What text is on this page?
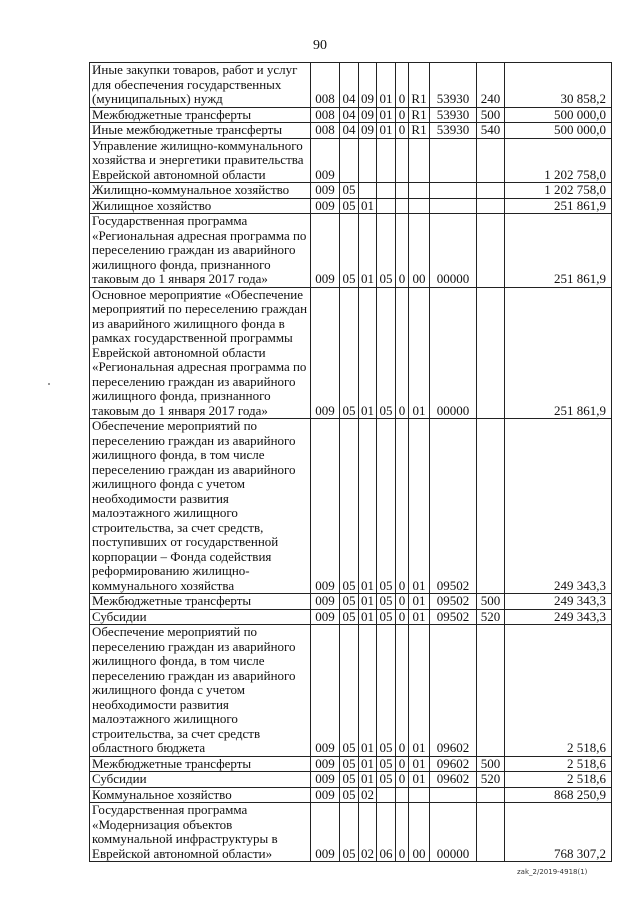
90
Иные закупки товаров, работ и услуг для обеспечения государственных (муниципальных) нужд	008	04	09	01	0	R1	53930	240	30 858,2
Межбюджетные трансферты	008	04	09	01	0	R1	53930	500	500 000,0
Иные межбюджетные трансферты	008	04	09	01	0	R1	53930	540	500 000,0
Управление жилищно-коммунального хозяйства и энергетики правительства Еврейской автономной области	009								1 202 758,0
Жилищно-коммунальное хозяйство	009	05							1 202 758,0
Жилищное хозяйство	009	05	01						251 861,9
Государственная программа «Региональная адресная программа по переселению граждан из аварийного жилищного фонда, признанного таковым до 1 января 2017 года»	009	05	01	05	0	00	00000		251 861,9
Основное мероприятие «Обеспечение мероприятий по переселению граждан из аварийного жилищного фонда в рамках государственной программы Еврейской автономной области «Региональная адресная программа по переселению граждан из аварийного жилищного фонда, признанного таковым до 1 января 2017 года»	009	05	01	05	0	01	00000		251 861,9
Обеспечение мероприятий по переселению граждан из аварийного жилищного фонда, в том числе переселению граждан из аварийного жилищного фонда с учетом необходимости развития малоэтажного жилищного строительства, за счет средств, поступивших от государственной корпорации – Фонда содействия реформированию жилищно-коммунального хозяйства	009	05	01	05	0	01	09502		249 343,3
Межбюджетные трансферты	009	05	01	05	0	01	09502	500	249 343,3
Субсидии	009	05	01	05	0	01	09502	520	249 343,3
Обеспечение мероприятий по переселению граждан из аварийного жилищного фонда, в том числе переселению граждан из аварийного жилищного фонда с учетом необходимости развития малоэтажного жилищного строительства, за счет средств областного бюджета	009	05	01	05	0	01	09602		2 518,6
Межбюджетные трансферты	009	05	01	05	0	01	09602	500	2 518,6
Субсидии	009	05	01	05	0	01	09602	520	2 518,6
Коммунальное хозяйство	009	05	02						868 250,9
Государственная программа «Модернизация объектов коммунальной инфраструктуры в Еврейской автономной области»	009	05	02	06	0	00	00000		768 307,2
zak_2/2019-4918(1)
